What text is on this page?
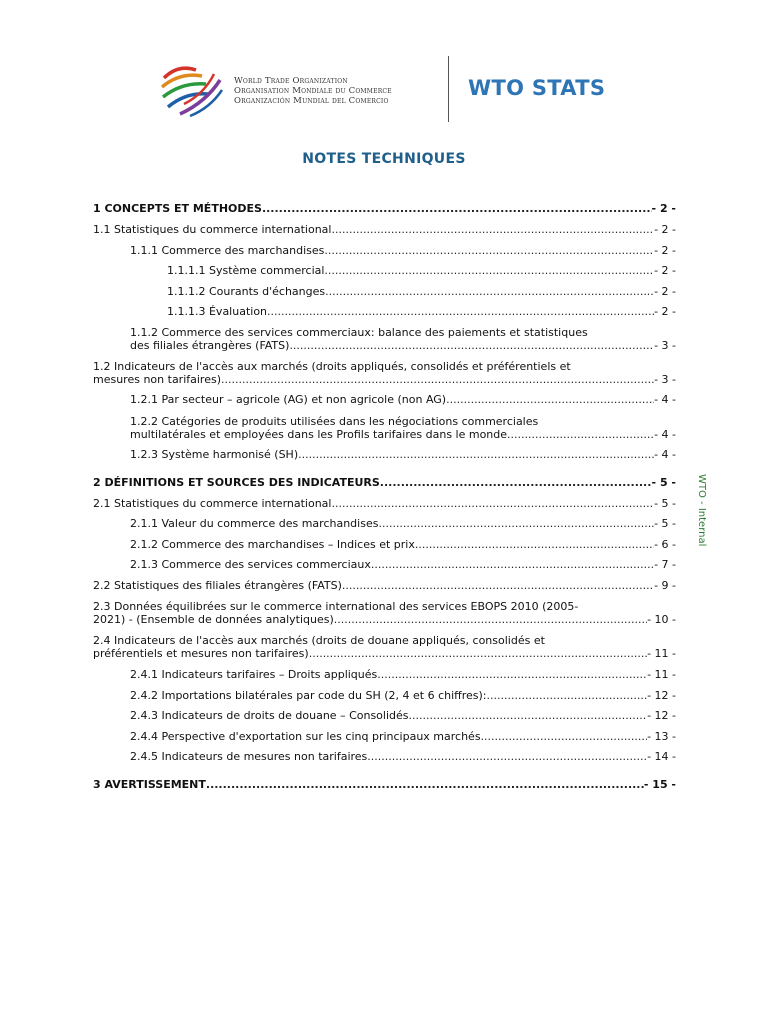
World Trade Organization
Organisation Mondiale du Commerce
Organización Mundial del Comercio
WTO STATS
NOTES TECHNIQUES
1 CONCEPTS ET MÉTHODES .....	- 2 -
1.1 Statistiques du commerce international .....	- 2 -
1.1.1 Commerce des marchandises .....	- 2 -
1.1.1.1 Système commercial .....	- 2 -
1.1.1.2 Courants d'échanges .....	- 2 -
1.1.1.3 Évaluation .....	- 2 -
1.1.2 Commerce des services commerciaux: balance des paiements et statistiques
des filiales étrangères (FATS) .....	- 3 -
1.2 Indicateurs de l'accès aux marchés (droits appliqués, consolidés et préférentiels et
mesures non tarifaires) .....	- 3 -
1.2.1 Par secteur – agricole (AG) et non agricole (non AG) .....	- 4 -
1.2.2 Catégories de produits utilisées dans les négociations commerciales
multilatérales et employées dans les Profils tarifaires dans le monde .....	- 4 -
1.2.3 Système harmonisé (SH) .....	- 4 -
2 DÉFINITIONS ET SOURCES DES INDICATEURS .....	- 5 -
2.1 Statistiques du commerce international .....	- 5 -
2.1.1 Valeur du commerce des marchandises .....	- 5 -
2.1.2 Commerce des marchandises – Indices et prix .....	- 6 -
2.1.3 Commerce des services commerciaux .....	- 7 -
2.2 Statistiques des filiales étrangères (FATS) .....	- 9 -
2.3 Données équilibrées sur le commerce international des services EBOPS 2010 (2005-
2021) - (Ensemble de données analytiques) .....	- 10 -
2.4 Indicateurs de l'accès aux marchés (droits de douane appliqués, consolidés et
préférentiels et mesures non tarifaires) .....	- 11 -
2.4.1 Indicateurs tarifaires – Droits appliqués .....	- 11 -
2.4.2 Importations bilatérales par code du SH (2, 4 et 6 chiffres): .....	- 12 -
2.4.3 Indicateurs de droits de douane – Consolidés .....	- 12 -
2.4.4 Perspective d'exportation sur les cinq principaux marchés .....	- 13 -
2.4.5 Indicateurs de mesures non tarifaires .....	- 14 -
3 AVERTISSEMENT .....	- 15 -
WTO - Internal
